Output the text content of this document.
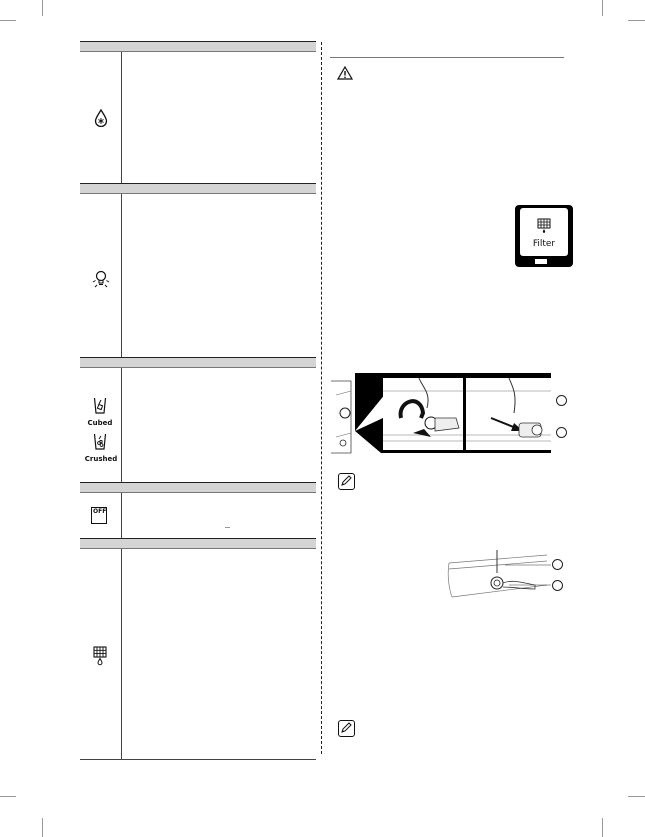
Cubed
Crushed
OFF
Filter
